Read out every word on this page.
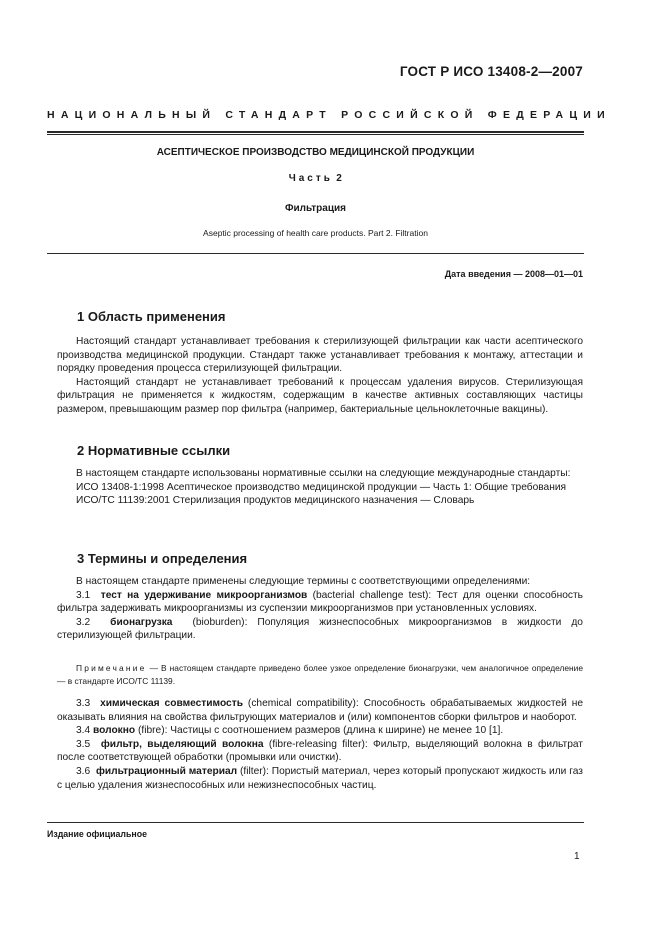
ГОСТ Р ИСО 13408-2—2007
НАЦИОНАЛЬНЫЙ СТАНДАРТ РОССИЙСКОЙ ФЕДЕРАЦИИ
АСЕПТИЧЕСКОЕ ПРОИЗВОДСТВО МЕДИЦИНСКОЙ ПРОДУКЦИИ
Часть 2
Фильтрация
Aseptic processing of health care products. Part 2. Filtration
Дата введения — 2008—01—01
1 Область применения

Настоящий стандарт устанавливает требования к стерилизующей фильтрации как части асептического производства медицинской продукции. Стандарт также устанавливает требования к монтажу, аттестации и порядку проведения процесса стерилизующей фильтрации.

Настоящий стандарт не устанавливает требований к процессам удаления вирусов. Стерилизующая фильтрация не применяется к жидкостям, содержащим в качестве активных составляющих частицы размером, превышающим размер пор фильтра (например, бактериальные цельноклеточные вакцины).

2 Нормативные ссылки

В настоящем стандарте использованы нормативные ссылки на следующие международные стандарты:

ИСО 13408-1:1998 Асептическое производство медицинской продукции — Часть 1: Общие требования

ИСО/ТС 11139:2001 Стерилизация продуктов медицинского назначения — Словарь

3 Термины и определения

В настоящем стандарте применены следующие термины с соответствующими определениями:

3.1 тест на удерживание микроорганизмов (bacterial challenge test): Тест для оценки способность фильтра задерживать микроорганизмы из суспензии микроорганизмов при установленных условиях.

3.2 бионагрузка (bioburden): Популяция жизнеспособных микроорганизмов в жидкости до стерилизующей фильтрации.

Примечание — В настоящем стандарте приведено более узкое определение бионагрузки, чем аналогичное определение — в стандарте ИСО/ТС 11139.

3.3 химическая совместимость (chemical compatibility): Способность обрабатываемых жидкостей не оказывать влияния на свойства фильтрующих материалов и (или) компонентов сборки фильтров и наоборот.

3.4 волокно (fibre): Частицы с соотношением размеров (длина к ширине) не менее 10 [1].

3.5 фильтр, выделяющий волокна (fibre-releasing filter): Фильтр, выделяющий волокна в фильтрат после соответствующей обработки (промывки или очистки).

3.6 фильтрационный материал (filter): Пористый материал, через который пропускают жидкость или газ с целью удаления жизнеспособных или нежизнеспособных частиц.

Издание официальное
1
